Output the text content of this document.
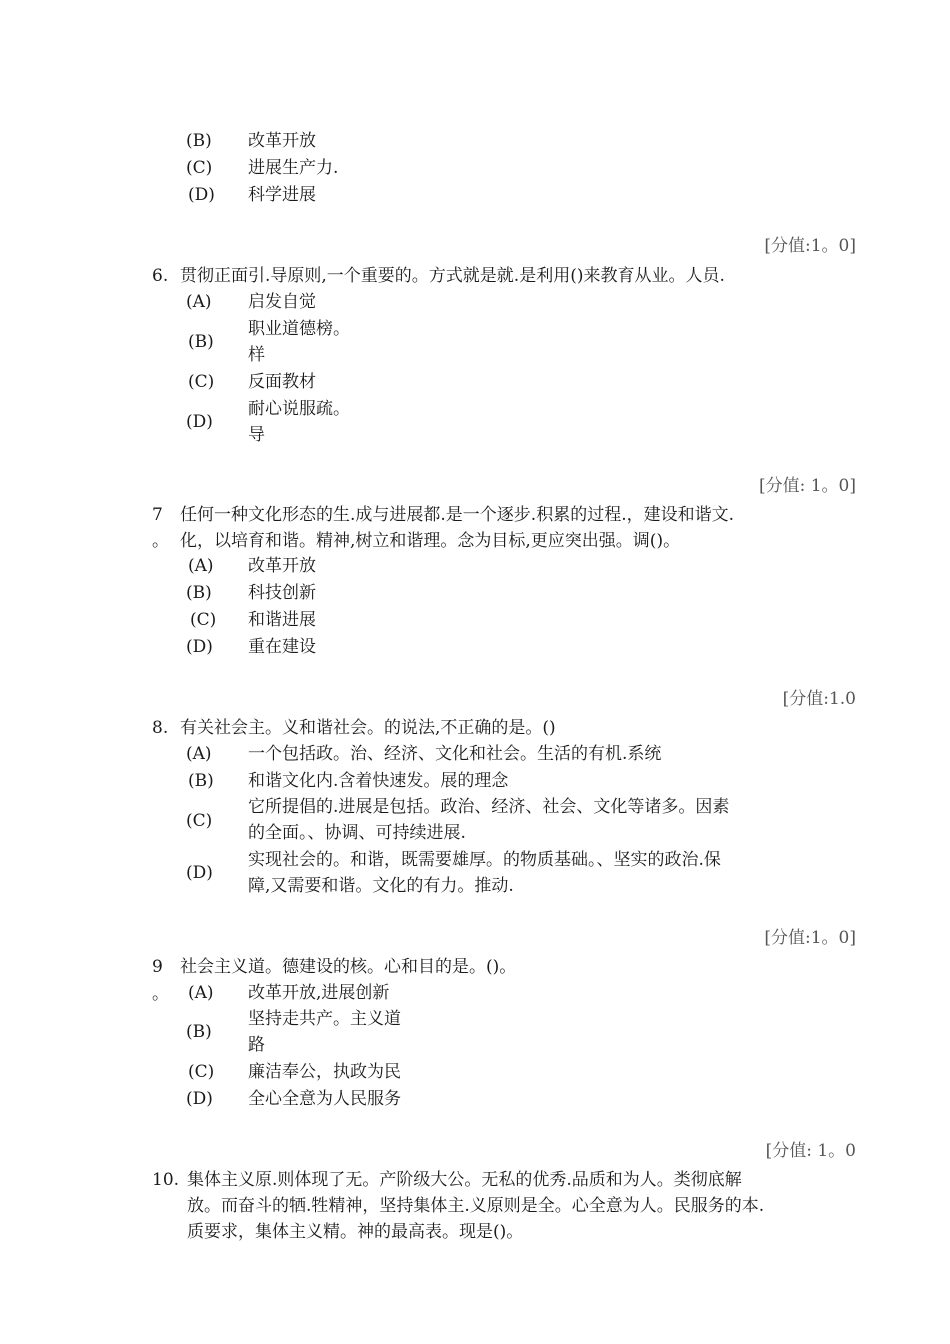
(B)	改革开放
(C)	进展生产力.
(D)	科学进展
[分值:1。0]
6. 贯彻正面引.导原则,一个重要的。方式就是就.是利用()来教育从业。人员.
(A)	启发自觉
(B)
职业道德榜。
样
(C)	反面教材
(D)
耐心说服疏。
导
[分值: 1。0]
7 任何一种文化形态的生.成与进展都.是一个逐步.积累的过程.，建设和谐文.
。 化，以培育和谐。精神,树立和谐理。念为目标,更应突出强。调()。
(A)	改革开放
(B)	科技创新
(C)	和谐进展
(D)	重在建设
[分值:1.0
8. 有关社会主。义和谐社会。的说法,不正确的是。()
(A)	一个包括政。治、经济、文化和社会。生活的有机.系统
(B)	和谐文化内.含着快速发。展的理念
(C)
它所提倡的.进展是包括。政治、经济、社会、文化等诸多。因素
的全面。、协调、可持续进展.
(D)
实现社会的。和谐，既需要雄厚。的物质基础。、坚实的政治.保
障,又需要和谐。文化的有力。推动.
[分值:1。0]
9 社会主义道。德建设的核。心和目的是。()。
。 (A)	改革开放,进展创新
(B)
坚持走共产。主义道
路
(C)	廉洁奉公，执政为民
(D)	全心全意为人民服务
[分值: 1。0
10. 集体主义原.则体现了无。产阶级大公。无私的优秀.品质和为人。类彻底解
放。而奋斗的牺.牲精神，坚持集体主.义原则是全。心全意为人。民服务的本.
质要求，集体主义精。神的最高表。现是()。
